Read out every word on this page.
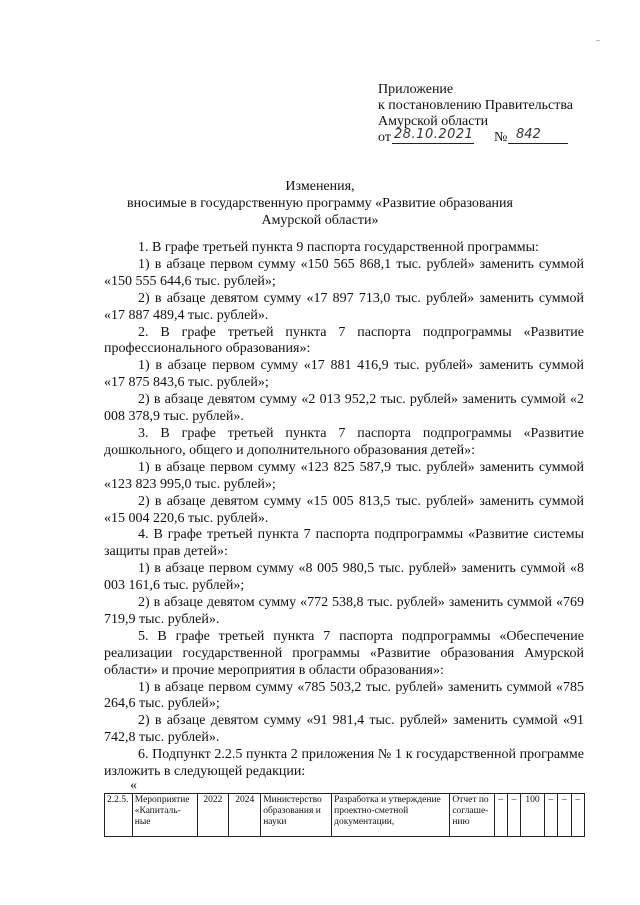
Приложение
к постановлению Правительства
Амурской области
от 28.10.2021 № 842
Изменения,
вносимые в государственную программу «Развитие образования
Амурской области»

1. В графе третьей пункта 9 паспорта государственной программы:

1) в абзаце первом сумму «150 565 868,1 тыс. рублей» заменить суммой «150 555 644,6 тыс. рублей»;

2) в абзаце девятом сумму «17 897 713,0 тыс. рублей» заменить суммой «17 887 489,4 тыс. рублей».

2. В графе третьей пункта 7 паспорта подпрограммы «Развитие профессионального образования»:

1) в абзаце первом сумму «17 881 416,9 тыс. рублей» заменить суммой «17 875 843,6 тыс. рублей»;

2) в абзаце девятом сумму «2 013 952,2 тыс. рублей» заменить суммой «2 008 378,9 тыс. рублей».

3. В графе третьей пункта 7 паспорта подпрограммы «Развитие дошкольного, общего и дополнительного образования детей»:

1) в абзаце первом сумму «123 825 587,9 тыс. рублей» заменить суммой «123 823 995,0 тыс. рублей»;

2) в абзаце девятом сумму «15 005 813,5 тыс. рублей» заменить суммой «15 004 220,6 тыс. рублей».

4. В графе третьей пункта 7 паспорта подпрограммы «Развитие системы защиты прав детей»:

1) в абзаце первом сумму «8 005 980,5 тыс. рублей» заменить суммой «8 003 161,6 тыс. рублей»;

2) в абзаце девятом сумму «772 538,8 тыс. рублей» заменить суммой «769 719,9 тыс. рублей».

5. В графе третьей пункта 7 паспорта подпрограммы «Обеспечение реализации государственной программы «Развитие образования Амурской области» и прочие мероприятия в области образования»:

1) в абзаце первом сумму «785 503,2 тыс. рублей» заменить суммой «785 264,6 тыс. рублей»;

2) в абзаце девятом сумму «91 981,4 тыс. рублей» заменить суммой «91 742,8 тыс. рублей».

6. Подпункт 2.2.5 пункта 2 приложения № 1 к государственной программе изложить в следующей редакции:

«
2.2.5.	Мероприятие «Капиталь-ные	2022	2024	Министерство образования и науки	Разработка и утверждение проектно-сметной документации,	Отчет по соглаше-нию	–	–	100	–	–	–
